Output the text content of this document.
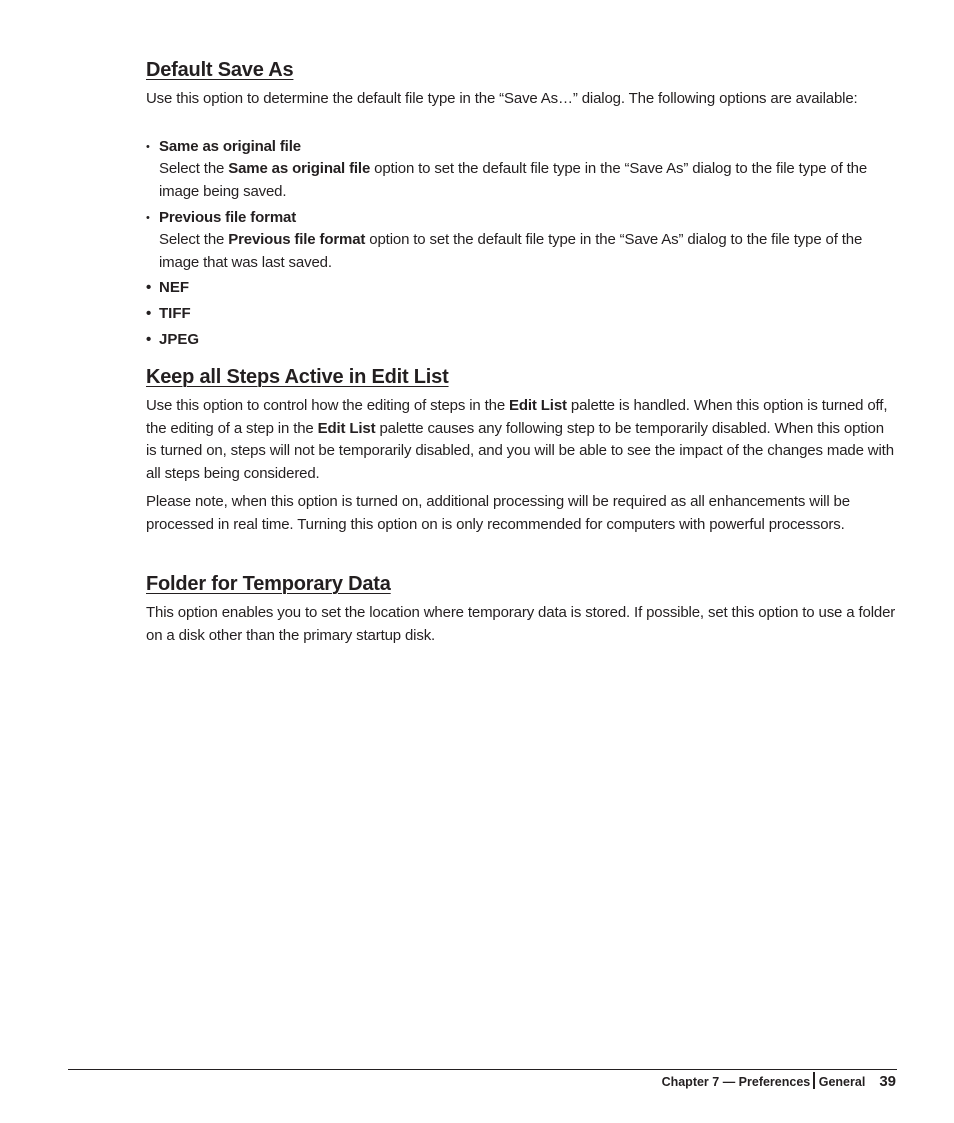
Default Save As

Use this option to determine the default file type in the “Save As…” dialog. The following options are available:

• Same as original file
Select the Same as original file option to set the default file type in the “Save As” dialog to the file type of the image being saved.
• Previous file format
Select the Previous file format option to set the default file type in the “Save As” dialog to the file type of the image that was last saved.
• NEF
• TIFF
• JPEG
Keep all Steps Active in Edit List

Use this option to control how the editing of steps in the Edit List palette is handled. When this option is turned off, the editing of a step in the Edit List palette causes any following step to be temporarily disabled. When this option is turned on, steps will not be temporarily disabled, and you will be able to see the impact of the changes made with all steps being considered.

Please note, when this option is turned on, additional processing will be required as all enhancements will be processed in real time. Turning this option on is only recommended for computers with powerful processors.

Folder for Temporary Data

This option enables you to set the location where temporary data is stored. If possible, set this option to use a folder on a disk other than the primary startup disk.

Chapter 7 — Preferences General 39
